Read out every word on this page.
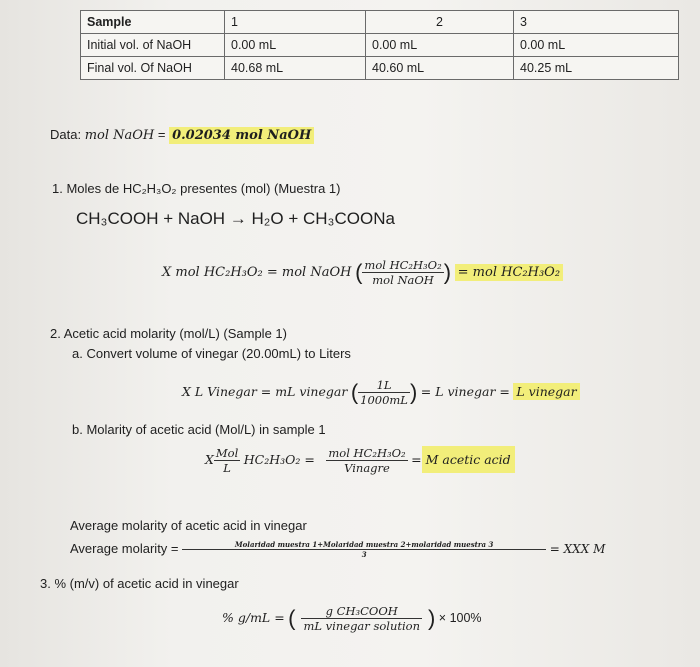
Sample	1	2	3
Initial vol. of NaOH	0.00 mL	0.00 mL	0.00 mL
Final vol. Of NaOH	40.68 mL	40.60 mL	40.25 mL
Data: mol NaOH = 0.02034 mol NaOH
1. Moles de HC₂H₃O₂ presentes (mol) (Muestra 1)
CH₃COOH + NaOH → H₂O + CH₃COONa
X mol HC₂H₃O₂ = mol NaOH ( $\frac{\text{mol HC₂H₃O₂}}{\text{mol NaOH}}$ ) = mol HC₂H₃O₂
2. Acetic acid molarity (mol/L) (Sample 1)
a. Convert volume of vinegar (20.00mL) to Liters
X L Vinegar = mL vinegar ( $\frac{1L}{1000mL}$ ) = L vinegar = L vinegar
b. Molarity of acetic acid (Mol/L) in sample 1
X $\frac{\text{Mol}}{L} HC_2H_3O_2 = \frac{\text{mol HC₂H₃O₂}}{\text{Vinagre}} = M$ acetic acid
Average molarity of acetic acid in vinegar
Average molarity = $\frac{\text{Molaridad muestra 1+Molaridad muestra 2+molaridad muestra 3}}{3}$ = XXX M
3. % (m/v) of acetic acid in vinegar
% g/mL = ( $\frac{\text{g CH₃COOH}}{\text{mL vinegar solution}}$ ) × 100%
